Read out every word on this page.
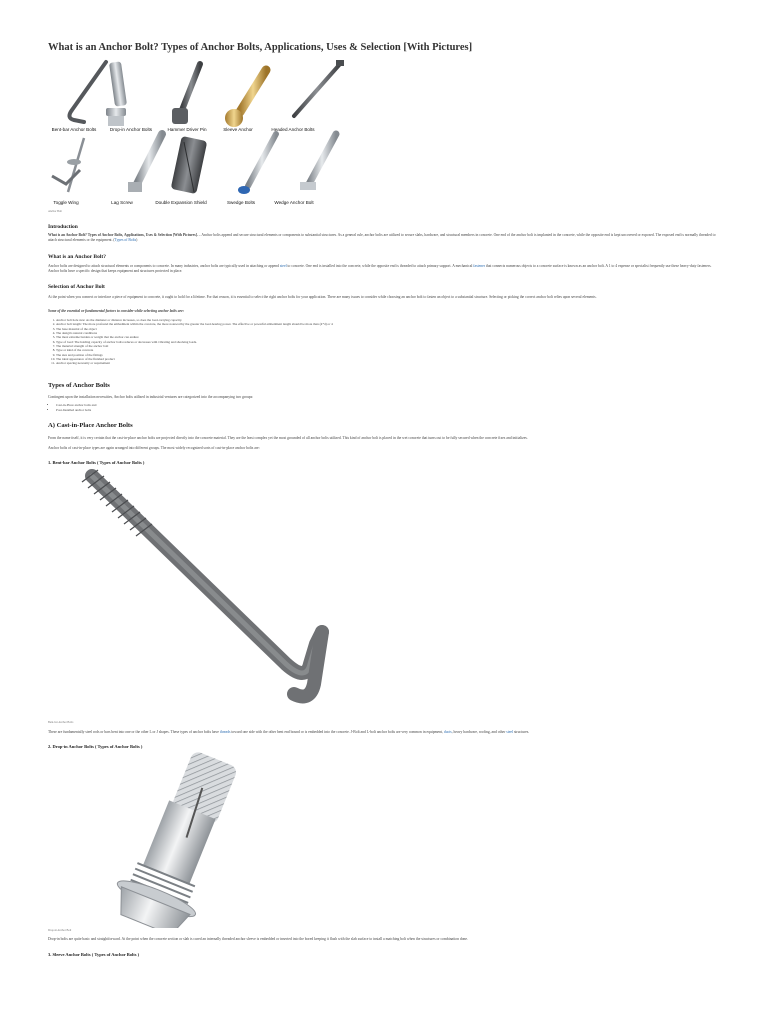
What is an Anchor Bolt? Types of Anchor Bolts, Applications, Uses & Selection [With Pictures]
Bent-bar Anchor Bolts	Drop-in Anchor Bolts	Hammer Driver Pin	Sleeve Anchor	Headed Anchor Bolts
Toggle Wing	Lag Screw	Double Expansion Shield	Swedge Bolts	Wedge Anchor Bolt
Anchor Bolt
Introduction
What is an Anchor Bolt? Types of Anchor Bolts, Applications, Uses & Selection [With Pictures]. – Anchor bolts append and secure structural elements or components to substantial structures. As a general rule, anchor bolts are utilized to secure slabs, hardware, and structural members in concrete. One end of the anchor bolt is implanted in the concrete, while the opposite end is kept uncovered or exposed. The exposed end is normally threaded to attach structural elements or the equipment. (Types of Bolts)
What is an Anchor Bolt?
Anchor bolts are designed to attach structural elements or components to concrete. In many industries, anchor bolts are typically used in attaching or append steel to concrete. One end is installed into the concrete, while the opposite end is threaded to attach primary support. A mechanical fastener that connects numerous objects to a concrete surface is known as an anchor bolt. A 1 to 4 expense or specialist frequently use these heavy-duty fasteners. Anchor bolts have a specific design that keeps equipment and structures protected in place.
Selection of Anchor Bolt
At the point when you connect or interface a piece of equipment to concrete, it ought to hold for a lifetime. For that reason, it is essential to select the right anchor bolts for your application. There are many issues to consider while choosing an anchor bolt to fasten an object to a substantial structure. Selecting or picking the correct anchor bolt relies upon several elements.
Some of the essential or fundamental factors to consider while selecting anchor bolts are:
1. Anchor bolt hole size: As the diameter or distance increases, so does the load-carrying capacity.
2. Anchor bolt length: The more profound the embedment within the concrete, the more noteworthy the greater the load-bearing power. The effective or powerful embedment length should be more than (4*d) or 4
3. The base material of the object
4. The design's natural conditions
5. The most extreme burden or weight that the anchor can endure
6. Type of load: The holding capacity of anchor bolts reduces or decreases with vibrating and shocking loads.
7. The material strength of the anchor bolt
8. Type or kind of the concrete
9. The size and position of the fittings
10. The ideal appearance of the finished product
11. Anchor spacing necessity or requirement
Types of Anchor Bolts
Contingent upon the installation necessities, Anchor bolts utilized in industrial ventures are categorized into the accompanying two groups:
• Cast-in-Place anchor bolts and
• Post-Installed anchor bolts
A) Cast-in-Place Anchor Bolts
From the name itself, it is very certain that the cast-in-place anchor bolts are projected directly into the concrete material. They are the least complex yet the most grounded of all anchor bolts utilized. This kind of anchor bolt is placed in the wet concrete that turns out to be fully secured when the concrete fixes and initializes.
Anchor bolts of cast-in-place types are again arranged into different groups. The most widely recognized sorts of cast-in-place anchor bolts are:
1. Bent-bar Anchor Bolts ( Types of Anchor Bolts )
Bent-bar Anchor Bolts
These are fundamentally steel rods or bars bent into one or the other L or J shapes. These types of anchor bolts have threads toward one side with the other bent end bound or is embedded into the concrete. J-Bolt and L-bolt anchor bolts are very common in equipment, ducts, heavy hardware, roofing, and other steel structures.
2. Drop-in Anchor Bolts ( Types of Anchor Bolts )
Drop-in Anchor Bolt
Drop-in bolts are quite basic and straightforward. At the point when the concrete section or slab is cured an internally threaded anchor sleeve is embedded or inserted into the bored keeping it flush with the slab surface to install a matching bolt when the structures or combination done.
3. Sleeve Anchor Bolts ( Types of Anchor Bolts )
